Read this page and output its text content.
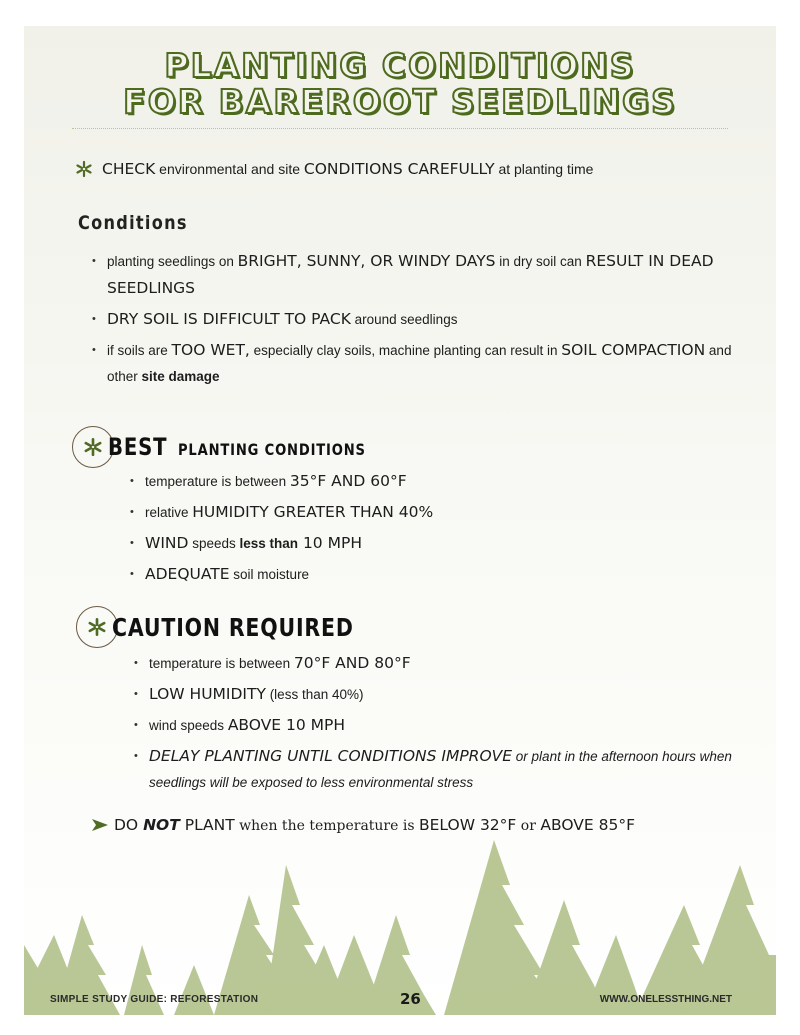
PLANTING CONDITIONS
FOR BAREROOT SEEDLINGS
CHECK environmental and site CONDITIONS CAREFULLY at planting time
Conditions
• planting seedlings on BRIGHT, SUNNY, OR WINDY DAYS in dry soil can RESULT IN DEAD SEEDLINGS
• DRY SOIL IS DIFFICULT TO PACK around seedlings
• if soils are TOO WET, especially clay soils, machine planting can result in SOIL COMPACTION and other site damage
BEST PLANTING CONDITIONS
• temperature is between 35°F AND 60°F
• relative HUMIDITY GREATER THAN 40%
• WIND speeds less than 10 MPH
• ADEQUATE soil moisture
CAUTION REQUIRED
• temperature is between 70°F AND 80°F
• LOW HUMIDITY (less than 40%)
• wind speeds ABOVE 10 MPH
• DELAY PLANTING UNTIL CONDITIONS IMPROVE or plant in the afternoon hours when seedlings will be exposed to less environmental stress
DO NOT PLANT when the temperature is BELOW 32°F or ABOVE 85°F
SIMPLE STUDY GUIDE: REFORESTATION	26	WWW.ONELESSTHING.NET
